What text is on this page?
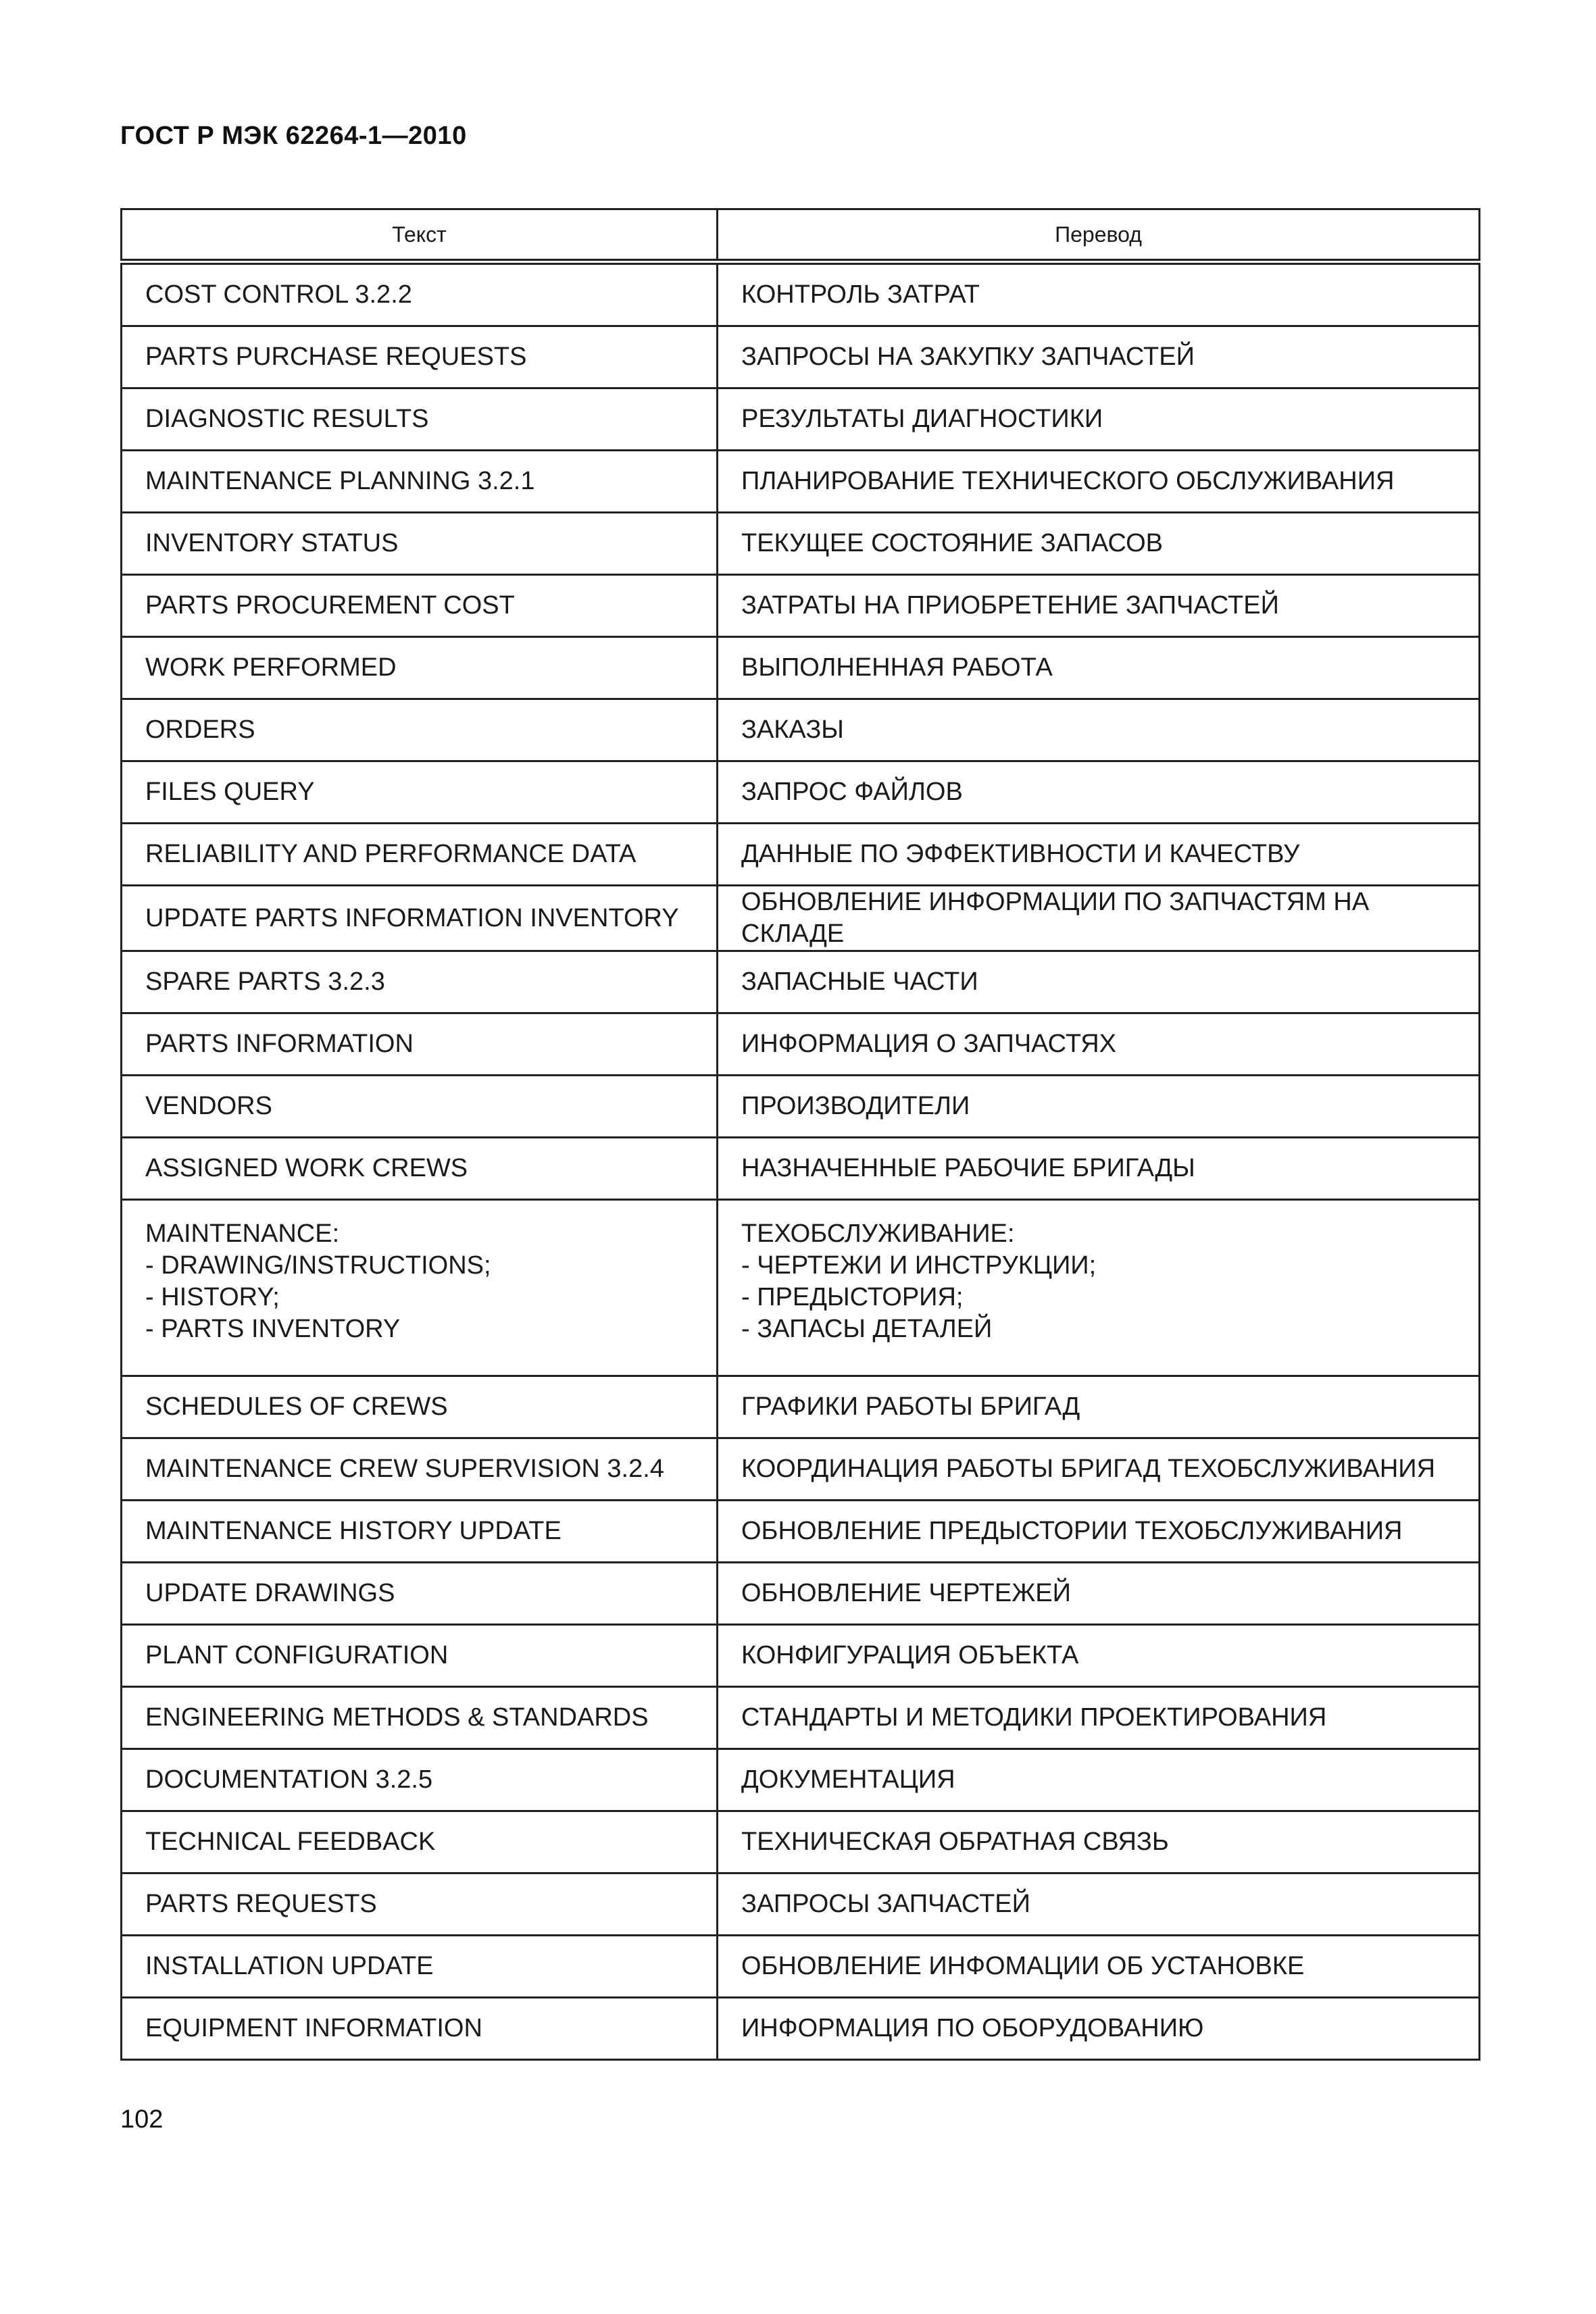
ГОСТ Р МЭК 62264-1—2010
Текст	Перевод
COST CONTROL 3.2.2	КОНТРОЛЬ ЗАТРАТ
PARTS PURCHASE REQUESTS	ЗАПРОСЫ НА ЗАКУПКУ ЗАПЧАСТЕЙ
DIAGNOSTIC RESULTS	РЕЗУЛЬТАТЫ ДИАГНОСТИКИ
MAINTENANCE PLANNING 3.2.1	ПЛАНИРОВАНИЕ ТЕХНИЧЕСКОГО ОБСЛУЖИВАНИЯ
INVENTORY STATUS	ТЕКУЩЕЕ СОСТОЯНИЕ ЗАПАСОВ
PARTS PROCUREMENT COST	ЗАТРАТЫ НА ПРИОБРЕТЕНИЕ ЗАПЧАСТЕЙ
WORK PERFORMED	ВЫПОЛНЕННАЯ РАБОТА
ORDERS	ЗАКАЗЫ
FILES QUERY	ЗАПРОС ФАЙЛОВ
RELIABILITY AND PERFORMANCE DATA	ДАННЫЕ ПО ЭФФЕКТИВНОСТИ И КАЧЕСТВУ
UPDATE PARTS INFORMATION INVENTORY	ОБНОВЛЕНИЕ ИНФОРМАЦИИ ПО ЗАПЧАСТЯМ НА СКЛАДЕ
SPARE PARTS 3.2.3	ЗАПАСНЫЕ ЧАСТИ
PARTS INFORMATION	ИНФОРМАЦИЯ О ЗАПЧАСТЯХ
VENDORS	ПРОИЗВОДИТЕЛИ
ASSIGNED WORK CREWS	НАЗНАЧЕННЫЕ РАБОЧИЕ БРИГАДЫ
MAINTENANCE:
- DRAWING/INSTRUCTIONS;
- HISTORY;
- PARTS INVENTORY	ТЕХОБСЛУЖИВАНИЕ:
- ЧЕРТЕЖИ И ИНСТРУКЦИИ;
- ПРЕДЫСТОРИЯ;
- ЗАПАСЫ ДЕТАЛЕЙ
SCHEDULES OF CREWS	ГРАФИКИ РАБОТЫ БРИГАД
MAINTENANCE CREW SUPERVISION 3.2.4	КООРДИНАЦИЯ РАБОТЫ БРИГАД ТЕХОБСЛУЖИВАНИЯ
MAINTENANCE HISTORY UPDATE	ОБНОВЛЕНИЕ ПРЕДЫСТОРИИ ТЕХОБСЛУЖИВАНИЯ
UPDATE DRAWINGS	ОБНОВЛЕНИЕ ЧЕРТЕЖЕЙ
PLANT CONFIGURATION	КОНФИГУРАЦИЯ ОБЪЕКТА
ENGINEERING METHODS & STANDARDS	СТАНДАРТЫ И МЕТОДИКИ ПРОЕКТИРОВАНИЯ
DOCUMENTATION 3.2.5	ДОКУМЕНТАЦИЯ
TECHNICAL FEEDBACK	ТЕХНИЧЕСКАЯ ОБРАТНАЯ СВЯЗЬ
PARTS REQUESTS	ЗАПРОСЫ ЗАПЧАСТЕЙ
INSTALLATION UPDATE	ОБНОВЛЕНИЕ ИНФОМАЦИИ ОБ УСТАНОВКЕ
EQUIPMENT INFORMATION	ИНФОРМАЦИЯ ПО ОБОРУДОВАНИЮ
102
